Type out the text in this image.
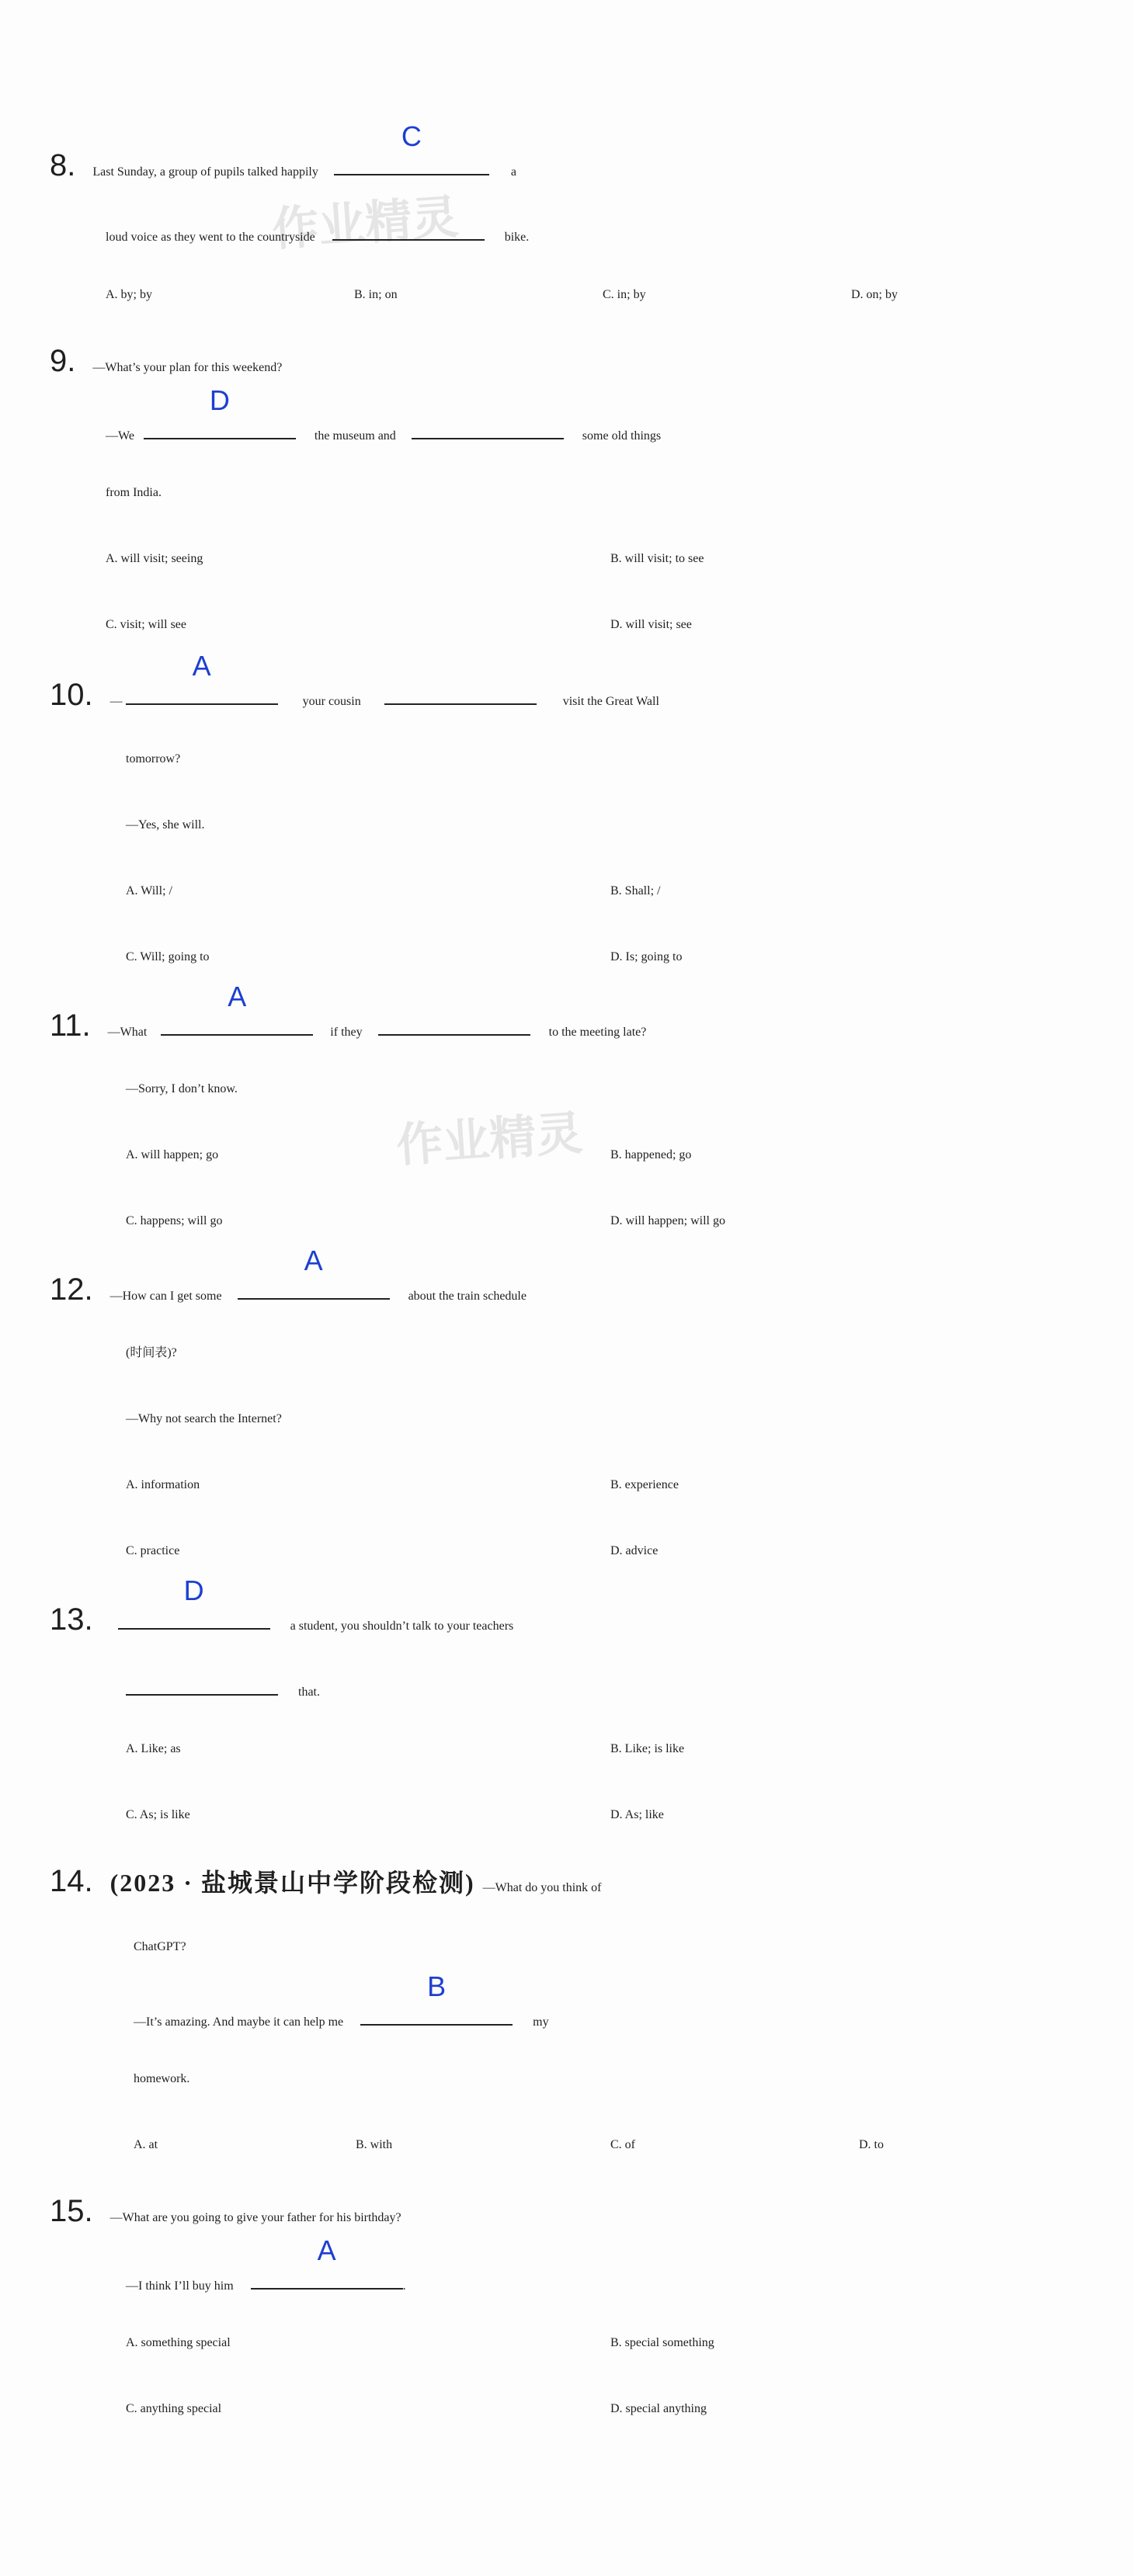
作业精灵
作业精灵
8. Last Sunday, a group of pupils talked happily
C
a
loud voice as they went to the countryside	bike.
A. by; by	B. in; on	C. in; by	D. on; by
9. —What’s your plan for this weekend?
—We
D
the museum and	some old things
from India.
A. will visit; seeing	B. will visit; to see
C. visit; will see	D. will visit; see
10. —
A
your cousin	visit the Great Wall
tomorrow?
—Yes, she will.
A. Will; /	B. Shall; /
C. Will; going to	D. Is; going to
11. —What
A
if they	to the meeting late?
—Sorry, I don’t know.
A. will happen; go	B. happened; go
C. happens; will go	D. will happen; will go
12. —How can I get some
A
about the train schedule
(时间表)?
—Why not search the Internet?
A. information	B. experience
C. practice	D. advice
13.
D
a student, you shouldn’t talk to your teachers
that.
A. Like; as	B. Like; is like
C. As; is like	D. As; like
14. (2023 · 盐城景山中学阶段检测) —What do you think of
ChatGPT?
—It’s amazing. And maybe it can help me
B
my
homework.
A. at	B. with	C. of	D. to
15. —What are you going to give your father for his birthday?
—I think I’ll buy him
A
.
A. something special	B. special something
C. anything special	D. special anything
